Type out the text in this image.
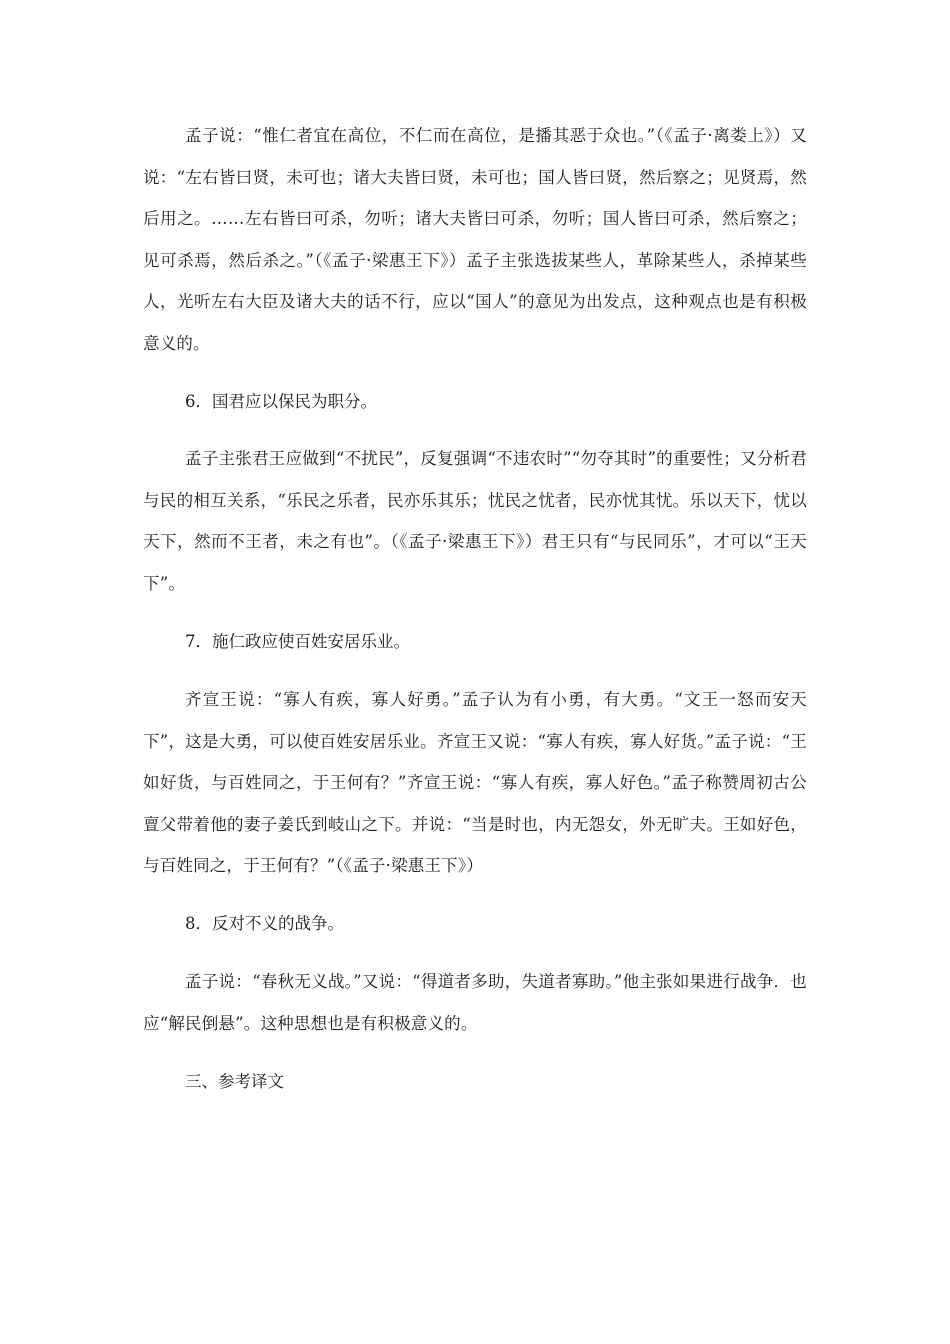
孟子说：“惟仁者宜在高位，不仁而在高位，是播其恶于众也。”（《孟子·离娄上》）又说：“左右皆曰贤，未可也；诸大夫皆曰贤，未可也；国人皆曰贤，然后察之；见贤焉，然后用之。……左右皆曰可杀，勿听；诸大夫皆曰可杀，勿听；国人皆曰可杀，然后察之；见可杀焉，然后杀之。”（《孟子·梁惠王下》）孟子主张选拔某些人，革除某些人，杀掉某些人，光听左右大臣及诸大夫的话不行，应以“国人”的意见为出发点，这种观点也是有积极意义的。

6．国君应以保民为职分。

孟子主张君王应做到“不扰民”，反复强调“不违农时”“勿夺其时”的重要性；又分析君与民的相互关系，“乐民之乐者，民亦乐其乐；忧民之忧者，民亦忧其忧。乐以天下，忧以天下，然而不王者，未之有也”。（《孟子·梁惠王下》）君王只有“与民同乐”，才可以“王天下”。

7．施仁政应使百姓安居乐业。

齐宣王说：“寡人有疾，寡人好勇。”孟子认为有小勇，有大勇。“文王一怒而安天下”，这是大勇，可以使百姓安居乐业。齐宣王又说：“寡人有疾，寡人好货。”孟子说：“王如好货，与百姓同之，于王何有？”齐宣王说：“寡人有疾，寡人好色。”孟子称赞周初古公亶父带着他的妻子姜氏到岐山之下。并说：“当是时也，内无怨女，外无旷夫。王如好色，与百姓同之，于王何有？”（《孟子·梁惠王下》）

8．反对不义的战争。

孟子说：“春秋无义战。”又说：“得道者多助，失道者寡助。”他主张如果进行战争．也应“解民倒悬”。这种思想也是有积极意义的。

三、参考译文
